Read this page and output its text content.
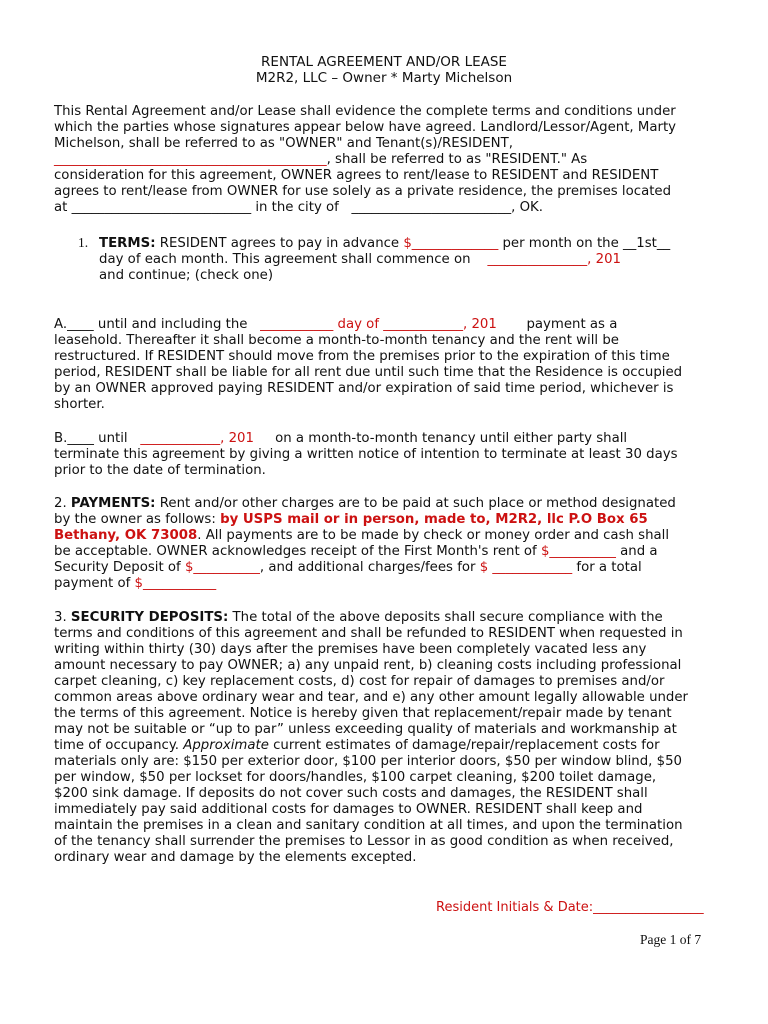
RENTAL AGREEMENT AND/OR LEASE
M2R2, LLC – Owner * Marty Michelson
This Rental Agreement and/or Lease shall evidence the complete terms and conditions under
which the parties whose signatures appear below have agreed. Landlord/Lessor/Agent, Marty
Michelson, shall be referred to as "OWNER" and Tenant(s)/RESIDENT,
_________________________________________, shall be referred to as "RESIDENT." As
consideration for this agreement, OWNER agrees to rent/lease to RESIDENT and RESIDENT
agrees to rent/lease from OWNER for use solely as a private residence, the premises located
at ___________________________ in the city of ________________________, OK.
1. TERMS: RESIDENT agrees to pay in advance $_____________ per month on the __1st__
day of each month. This agreement shall commence on    _______________, 201
and continue; (check one)
A.____ until and including the   ___________ day of ____________, 201 payment as a
leasehold. Thereafter it shall become a month-to-month tenancy and the rent will be
restructured. If RESIDENT should move from the premises prior to the expiration of this time
period, RESIDENT shall be liable for all rent due until such time that the Residence is occupied
by an OWNER approved paying RESIDENT and/or expiration of said time period, whichever is
shorter.
B.____ until   ____________, 201 on a month-to-month tenancy until either party shall
terminate this agreement by giving a written notice of intention to terminate at least 30 days
prior to the date of termination.
2. PAYMENTS: Rent and/or other charges are to be paid at such place or method designated
by the owner as follows: by USPS mail or in person, made to, M2R2, llc P.O Box 65
Bethany, OK 73008. All payments are to be made by check or money order and cash shall
be acceptable. OWNER acknowledges receipt of the First Month's rent of $__________ and a
Security Deposit of $__________, and additional charges/fees for $ ____________ for a total
payment of $___________
3. SECURITY DEPOSITS: The total of the above deposits shall secure compliance with the
terms and conditions of this agreement and shall be refunded to RESIDENT when requested in
writing within thirty (30) days after the premises have been completely vacated less any
amount necessary to pay OWNER; a) any unpaid rent, b) cleaning costs including professional
carpet cleaning, c) key replacement costs, d) cost for repair of damages to premises and/or
common areas above ordinary wear and tear, and e) any other amount legally allowable under
the terms of this agreement. Notice is hereby given that replacement/repair made by tenant
may not be suitable or “up to par” unless exceeding quality of materials and workmanship at
time of occupancy. Approximate current estimates of damage/repair/replacement costs for
materials only are: $150 per exterior door, $100 per interior doors, $50 per window blind, $50
per window, $50 per lockset for doors/handles, $100 carpet cleaning, $200 toilet damage,
$200 sink damage. If deposits do not cover such costs and damages, the RESIDENT shall
immediately pay said additional costs for damages to OWNER. RESIDENT shall keep and
maintain the premises in a clean and sanitary condition at all times, and upon the termination
of the tenancy shall surrender the premises to Lessor in as good condition as when received,
ordinary wear and damage by the elements excepted.
Resident Initials & Date:_________________
Page 1 of 7
